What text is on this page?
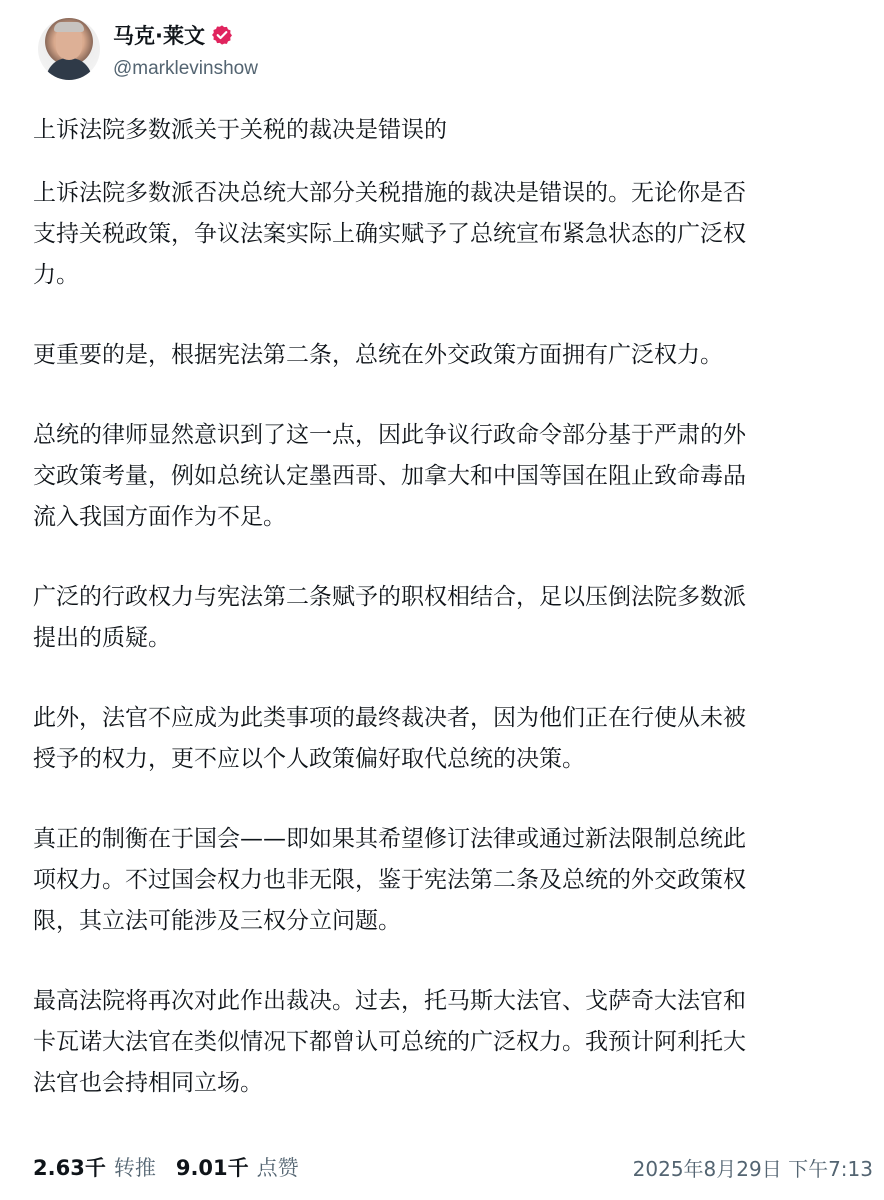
马克·莱文
@marklevinshow
上诉法院多数派关于关税的裁决是错误的

上诉法院多数派否决总统大部分关税措施的裁决是错误的。无论你是否
支持关税政策，争议法案实际上确实赋予了总统宣布紧急状态的广泛权
力。

更重要的是，根据宪法第二条，总统在外交政策方面拥有广泛权力。

总统的律师显然意识到了这一点，因此争议行政命令部分基于严肃的外
交政策考量，例如总统认定墨西哥、加拿大和中国等国在阻止致命毒品
流入我国方面作为不足。

广泛的行政权力与宪法第二条赋予的职权相结合，足以压倒法院多数派
提出的质疑。

此外，法官不应成为此类事项的最终裁决者，因为他们正在行使从未被
授予的权力，更不应以个人政策偏好取代总统的决策。

真正的制衡在于国会——即如果其希望修订法律或通过新法限制总统此
项权力。不过国会权力也非无限，鉴于宪法第二条及总统的外交政策权
限，其立法可能涉及三权分立问题。

最高法院将再次对此作出裁决。过去，托马斯大法官、戈萨奇大法官和
卡瓦诺大法官在类似情况下都曾认可总统的广泛权力。我预计阿利托大
法官也会持相同立场。

2.63千 转推 9.01千 点赞	2025年8月29日 下午7:13
